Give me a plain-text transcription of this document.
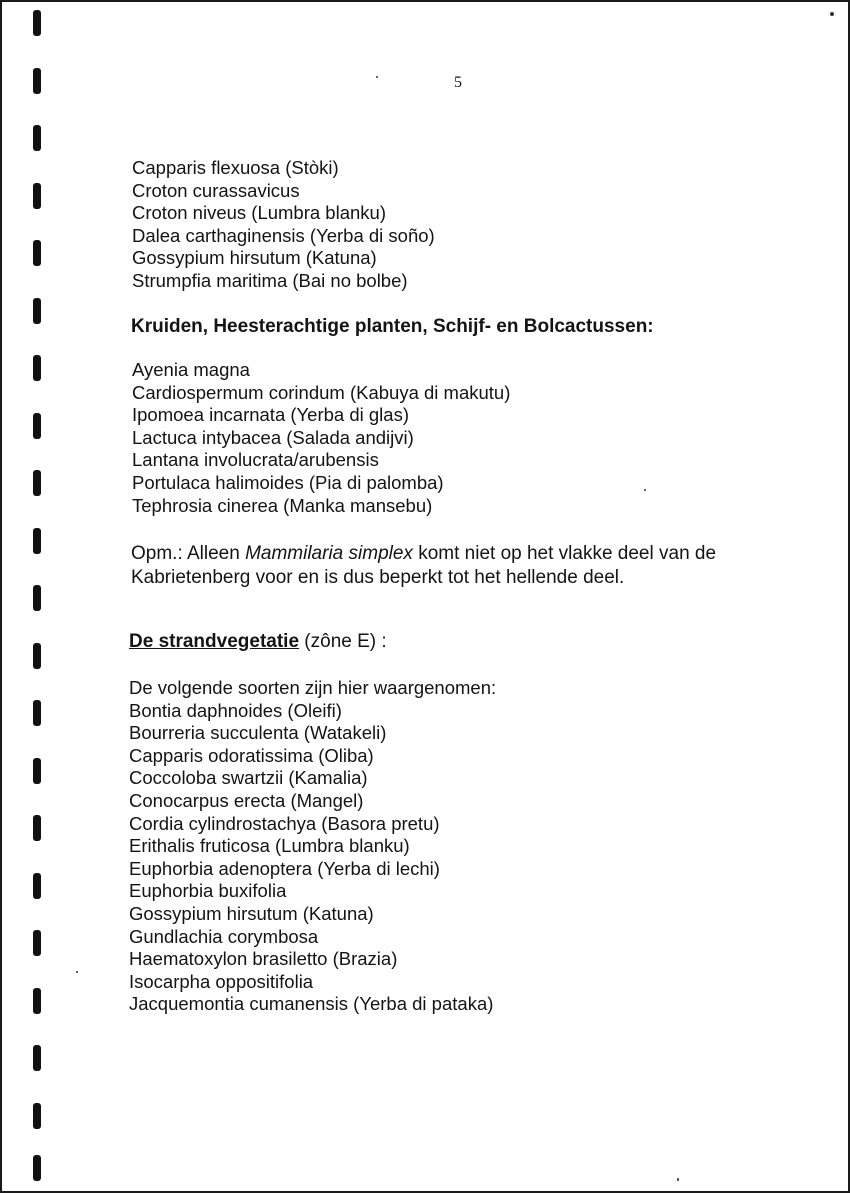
5
Capparis flexuosa (Stòki)
Croton curassavicus
Croton niveus (Lumbra blanku)
Dalea carthaginensis (Yerba di soño)
Gossypium hirsutum (Katuna)
Strumpfia maritima (Bai no bolbe)
Kruiden, Heesterachtige planten, Schijf- en Bolcactussen:
Ayenia magna
Cardiospermum corindum (Kabuya di makutu)
Ipomoea incarnata (Yerba di glas)
Lactuca intybacea (Salada andijvi)
Lantana involucrata/arubensis
Portulaca halimoides (Pia di palomba)
Tephrosia cinerea (Manka mansebu)
Opm.: Alleen Mammilaria simplex komt niet op het vlakke deel van de Kabrietenberg voor en is dus beperkt tot het hellende deel.
De strandvegetatie (zône E) :
De volgende soorten zijn hier waargenomen:
Bontia daphnoides (Oleifi)
Bourreria succulenta (Watakeli)
Capparis odoratissima (Oliba)
Coccoloba swartzii (Kamalia)
Conocarpus erecta (Mangel)
Cordia cylindrostachya (Basora pretu)
Erithalis fruticosa (Lumbra blanku)
Euphorbia adenoptera (Yerba di lechi)
Euphorbia buxifolia
Gossypium hirsutum (Katuna)
Gundlachia corymbosa
Haematoxylon brasiletto (Brazia)
Isocarpha oppositifolia
Jacquemontia cumanensis (Yerba di pataka)
